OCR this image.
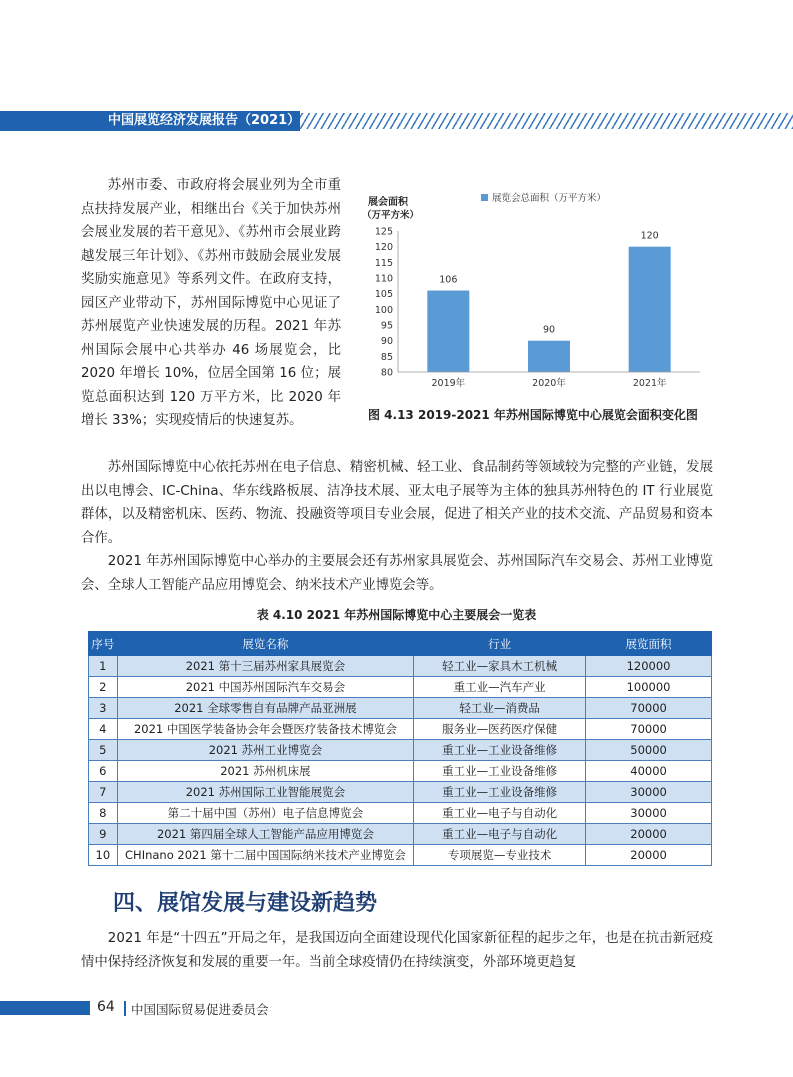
中国展览经济发展报告（2021）

苏州市委、市政府将会展业列为全市重点扶持发展产业，相继出台《关于加快苏州会展业发展的若干意见》、《苏州市会展业跨越发展三年计划》、《苏州市鼓励会展业发展奖励实施意见》等系列文件。在政府支持，园区产业带动下，苏州国际博览中心见证了苏州展览产业快速发展的历程。2021 年苏州国际会展中心共举办 46 场展览会，比 2020 年增长 10%，位居全国第 16 位；展览总面积达到 120 万平方米，比 2020 年增长 33%；实现疫情后的快速复苏。

展会面积
（万平方米）
展览会总面积（万平方米）
80
85
90
95
100
105
110
115
120
125
106
90
120
2019年	2020年	2021年
图 4.13 2019-2021 年苏州国际博览中心展览会面积变化图

苏州国际博览中心依托苏州在电子信息、精密机械、轻工业、食品制药等领域较为完整的产业链，发展出以电博会、IC-China、华东线路板展、洁净技术展、亚太电子展等为主体的独具苏州特色的 IT 行业展览群体，以及精密机床、医药、物流、投融资等项目专业会展，促进了相关产业的技术交流、产品贸易和资本合作。

2021 年苏州国际博览中心举办的主要展会还有苏州家具展览会、苏州国际汽车交易会、苏州工业博览会、全球人工智能产品应用博览会、纳米技术产业博览会等。

表 4.10 2021 年苏州国际博览中心主要展会一览表
序号	展览名称	行业	展览面积
1	2021 第十三届苏州家具展览会	轻工业—家具木工机械	120000
2	2021 中国苏州国际汽车交易会	重工业—汽车产业	100000
3	2021 全球零售自有品牌产品亚洲展	轻工业—消费品	70000
4	2021 中国医学装备协会年会暨医疗装备技术博览会	服务业—医药医疗保健	70000
5	2021 苏州工业博览会	重工业—工业设备维修	50000
6	2021 苏州机床展	重工业—工业设备维修	40000
7	2021 苏州国际工业智能展览会	重工业—工业设备维修	30000
8	第二十届中国（苏州）电子信息博览会	重工业—电子与自动化	30000
9	2021 第四届全球人工智能产品应用博览会	重工业—电子与自动化	20000
10	CHInano 2021 第十二届中国国际纳米技术产业博览会	专项展览—专业技术	20000
四、展馆发展与建设新趋势

2021 年是“十四五”开局之年，是我国迈向全面建设现代化国家新征程的起步之年，也是在抗击新冠疫情中保持经济恢复和发展的重要一年。当前全球疫情仍在持续演变，外部环境更趋复

64 中国国际贸易促进委员会
